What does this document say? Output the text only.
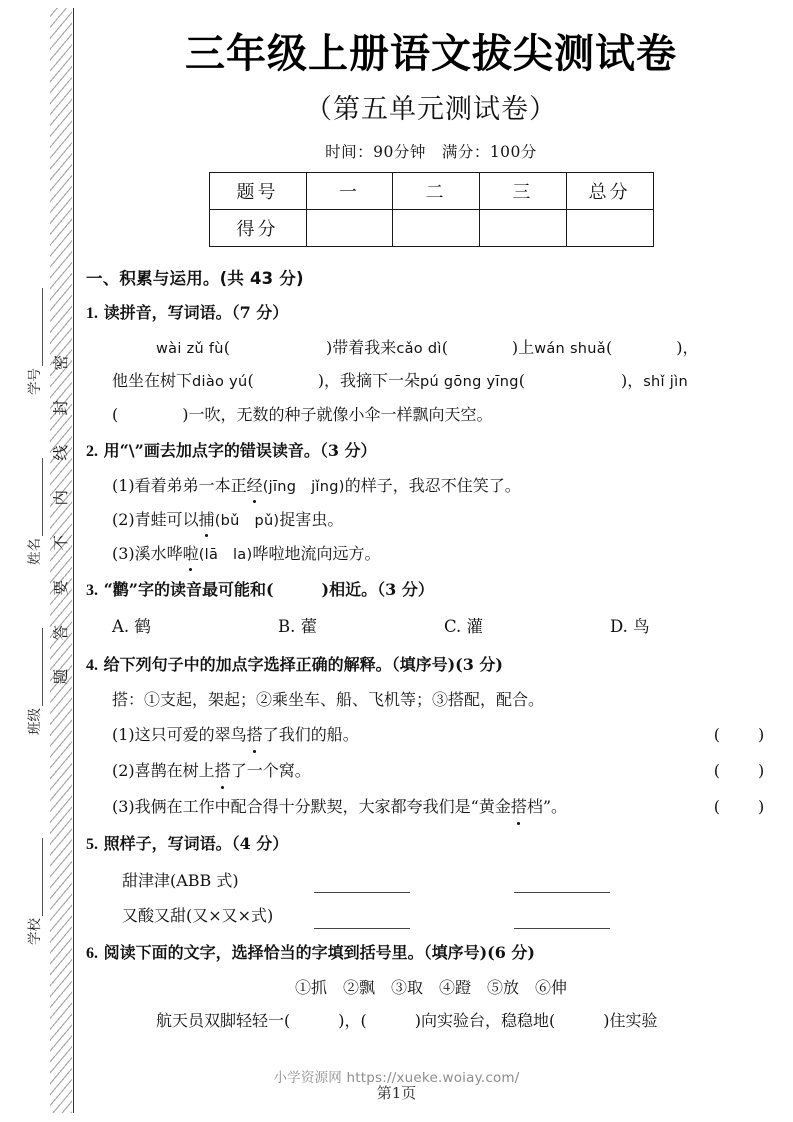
密
封
线
内
不
要
答
题
学号
姓名
班级
学校
三年级上册语文拔尖测试卷
（第五单元测试卷）
时间：90分钟　满分：100分
题号	一	二	三	总分
得分				
一、积累与运用。(共 43 分)
1. 读拼音，写词语。（7 分）
wài zǔ fù(　　　　　　)带着我来cǎo dì(　　　　)上wán shuǎ(　　　　)，
他坐在树下diào yú(　　　　)，我摘下一朵pú gōng yīng(　　　　　　)，shǐ jìn
(　　　　)一吹，无数的种子就像小伞一样飘向天空。
2. 用“\”画去加点字的错误读音。（3 分）
(1)看着弟弟一本正经(jīng　jǐng)的样子，我忍不住笑了。
(2)青蛙可以捕(bǔ　pǔ)捉害虫。
(3)溪水哗啦(lā　la)哗啦地流向远方。
3. “鹳”字的读音最可能和(　　　)相近。（3 分）
A. 鹤	B. 藿	C. 灌	D. 鸟
4. 给下列句子中的加点字选择正确的解释。（填序号)(3 分)
搭：①支起，架起；②乘坐车、船、飞机等；③搭配，配合。
(1)这只可爱的翠鸟搭了我们的船。	(　　)
(2)喜鹊在树上搭了一个窝。	(　　)
(3)我俩在工作中配合得十分默契，大家都夸我们是“黄金搭档”。	(　　)
5. 照样子，写词语。（4 分）
甜津津(ABB 式)
又酸又甜(又×又×式)
6. 阅读下面的文字，选择恰当的字填到括号里。（填序号)(6 分)
①抓　②飘　③取　④蹬　⑤放　⑥伸
航天员双脚轻轻一(　　　)，(　　　)向实验台，稳稳地(　　　)住实验
小学资源网 https://xueke.woiay.com/
第1页
